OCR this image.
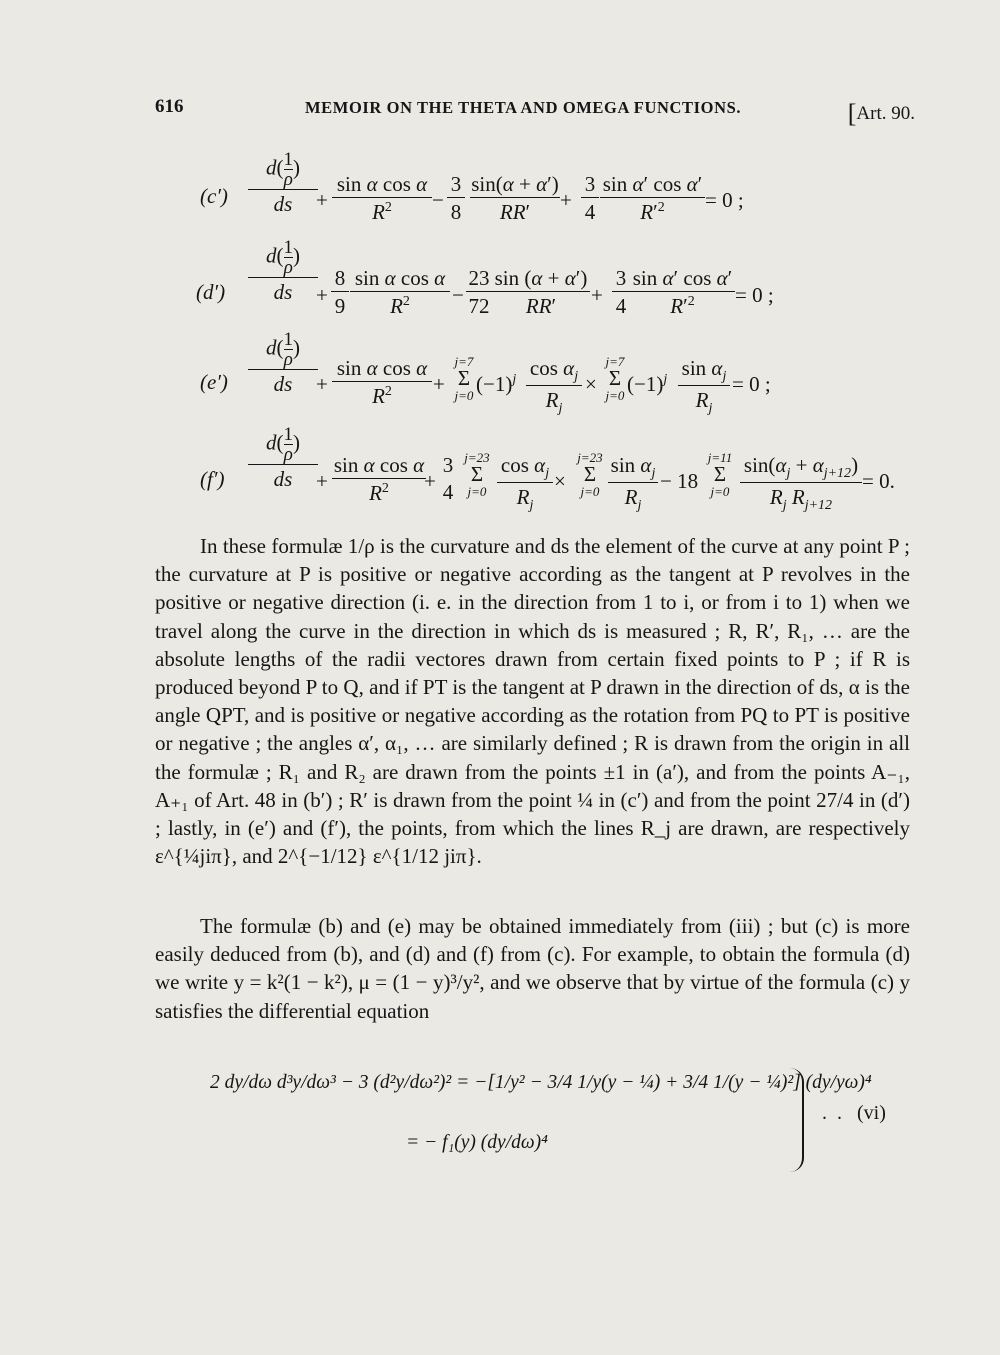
616	MEMOIR ON THE THETA AND OMEGA FUNCTIONS.	[Art. 90.
$(c') \frac{d( \frac{1}{\rho} )}{ds}$
+ $\frac{\text{sin α cos α}}{R^2} - \frac{3}{8} \frac{\sin(\alpha + \alpha')}{RR'} + \frac{3}{4} \frac{\text{sin α′ cos α′}}{R'^2} = 0$ ;
$(d') \frac{d( \frac{1}{\rho} )}{ds}$
+ $\frac{8}{9} \frac{\text{sin α cos α}}{R^2} - \frac{23}{72} \frac{\sin (\alpha + \alpha')}{RR'} + \frac{3}{4} \frac{\text{sin α′ cos α′}}{R'^2} = 0$ ;
$(e') \frac{d( \frac{1}{\rho} )}{ds}$
+ $\frac{\text{sin α cos α}}{R^2}$ +
j=7
Σ
j=0 $(-1)^j \frac{\cos \alpha_j}{R_j}$ ×
j=7
Σ
j=0 $(-1)^j \frac{\sin \alpha_j}{R_j} = 0$ ;
$(f') \frac{d( \frac{1}{\rho} )}{ds}$
+ $\frac{\text{sin α cos α}}{R^2}$
+
3
4
j=23
Σ
$j=0 \frac{\cos \alpha_j}{R_j}$ ×
j=23
Σ
$j=0 \frac{\sin \alpha_j}{R_j} - 18$
j=11
Σ
$j=0 \frac{\sin(\alpha_j + \alpha_{j+12})}{R_j R_{j+12}} = 0$.

In these formulæ 1/ρ is the curvature and ds the element of the curve at any point P ; the curvature at P is positive or negative according as the tangent at P revolves in the positive or negative direction (i. e. in the direction from 1 to i, or from i to 1) when we travel along the curve in the direction in which ds is measured ; R, R′, R₁, … are the absolute lengths of the radii vectores drawn from certain fixed points to P ; if R is produced beyond P to Q, and if PT is the tangent at P drawn in the direction of ds, α is the angle QPT, and is positive or negative according as the rotation from PQ to PT is positive or negative ; the angles α′, α₁, … are similarly defined ; R is drawn from the origin in all the formulæ ; R₁ and R₂ are drawn from the points ±1 in (a′), and from the points A₋₁, A₊₁ of Art. 48 in (b′) ; R′ is drawn from the point ¼ in (c′) and from the point 27/4 in (d′) ; lastly, in (e′) and (f′), the points, from which the lines R_j are drawn, are respectively ε^{¼jiπ}, and 2^{−1/12} ε^{1/12 jiπ}.

The formulæ (b) and (e) may be obtained immediately from (iii) ; but (c) is more easily deduced from (b), and (d) and (f) from (c). For example, to obtain the formula (d) we write y = k²(1 − k²), μ = (1 − y)³/y², and we observe that by virtue of the formula (c) y satisfies the differential equation

2 dy/dω d³y/dω³ − 3 (d²y/dω²)² = −[1/y² − 3/4 1/y(y − ¼) + 3/4 1/(y − ¼)²] (dy/yω)⁴
= − f₁(y) (dy/dω)⁴
.  .   (vi)
